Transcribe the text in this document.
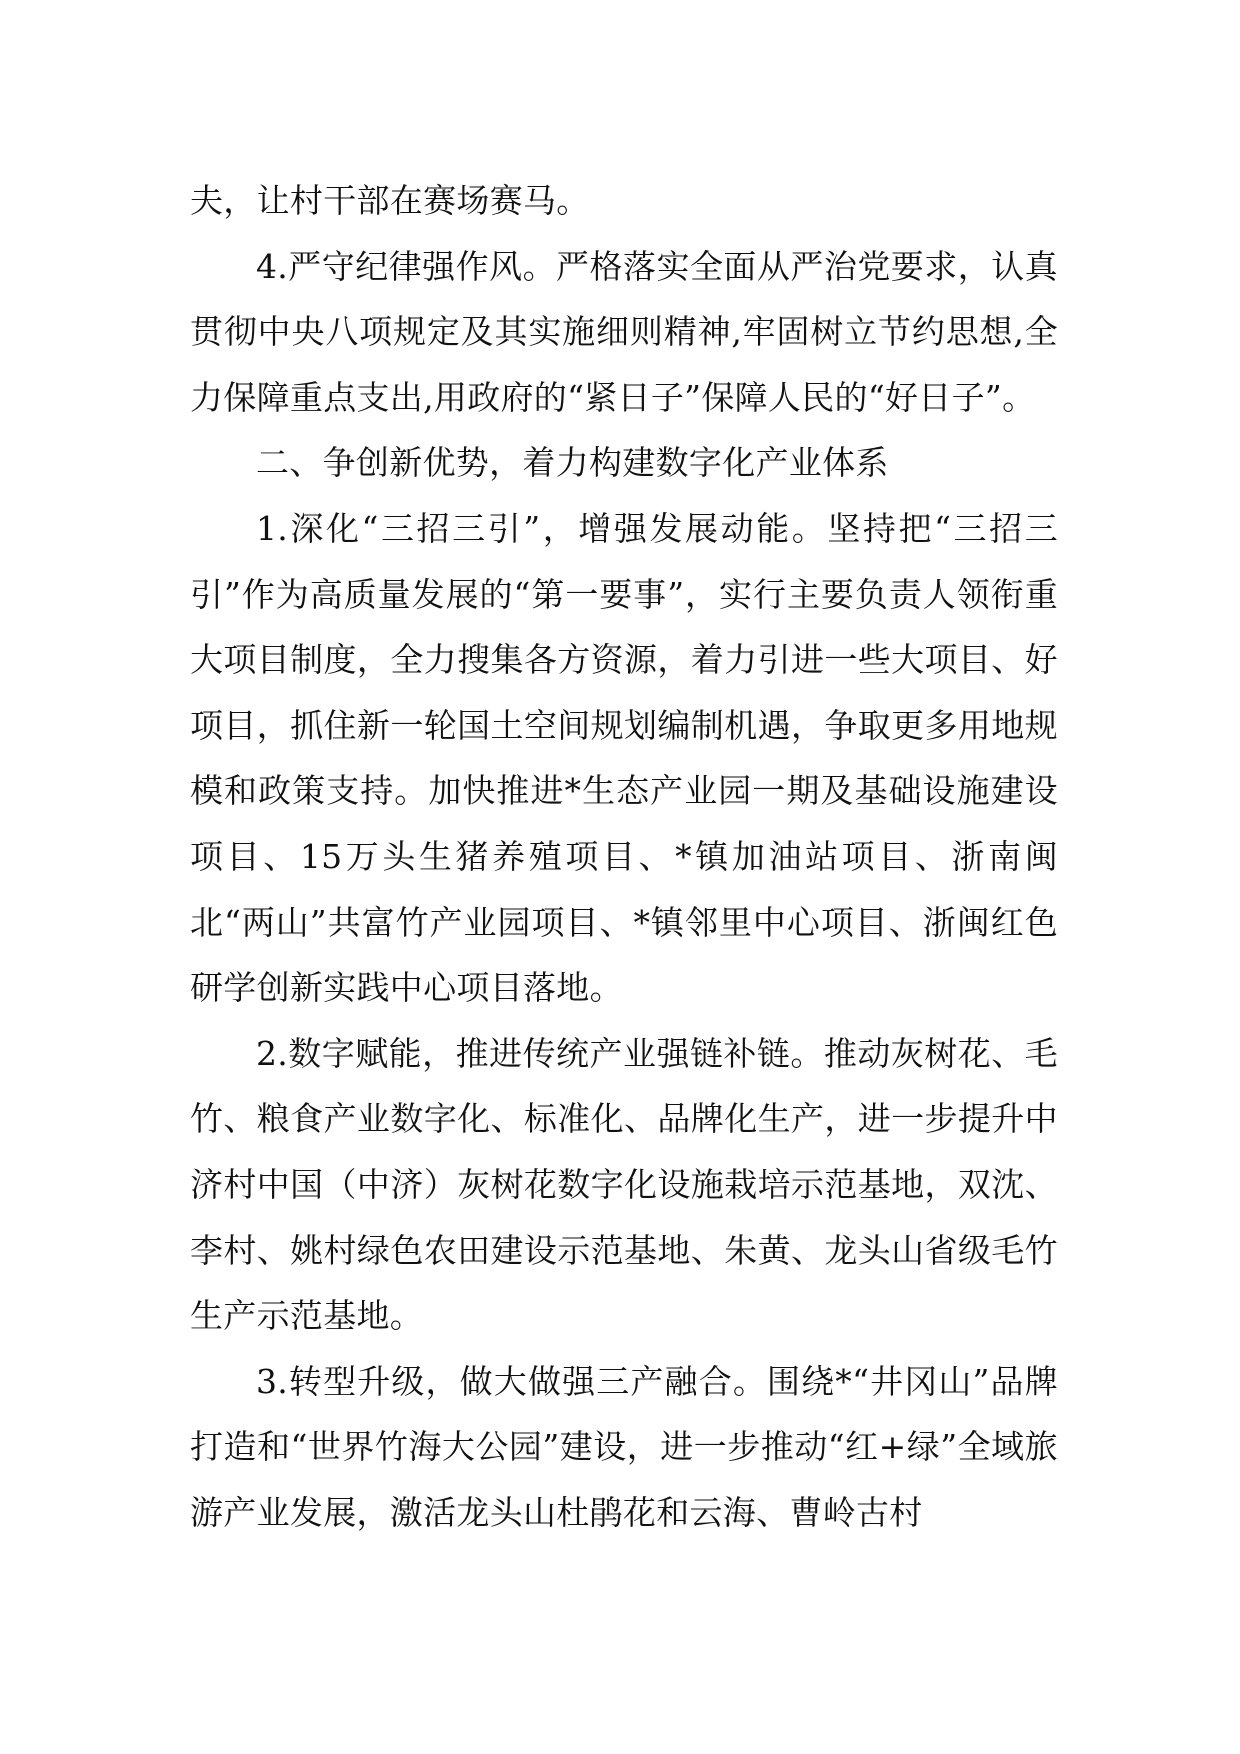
夫，让村干部在赛场赛马。

4.严守纪律强作风。严格落实全面从严治党要求，认真贯彻中央八项规定及其实施细则精神,牢固树立节约思想,全力保障重点支出,用政府的“紧日子”保障人民的“好日子”。

二、争创新优势，着力构建数字化产业体系

1.深化“三招三引”，增强发展动能。坚持把“三招三引”作为高质量发展的“第一要事”，实行主要负责人领衔重大项目制度，全力搜集各方资源，着力引进一些大项目、好项目，抓住新一轮国土空间规划编制机遇，争取更多用地规模和政策支持。加快推进*生态产业园一期及基础设施建设项目、15万头生猪养殖项目、*镇加油站项目、浙南闽北“两山”共富竹产业园项目、*镇邻里中心项目、浙闽红色研学创新实践中心项目落地。

2.数字赋能，推进传统产业强链补链。推动灰树花、毛竹、粮食产业数字化、标准化、品牌化生产，进一步提升中济村中国（中济）灰树花数字化设施栽培示范基地，双沈、李村、姚村绿色农田建设示范基地、朱黄、龙头山省级毛竹生产示范基地。

3.转型升级，做大做强三产融合。围绕*“井冈山”品牌打造和“世界竹海大公园”建设，进一步推动“红+绿”全域旅游产业发展，激活龙头山杜鹃花和云海、曹岭古村
